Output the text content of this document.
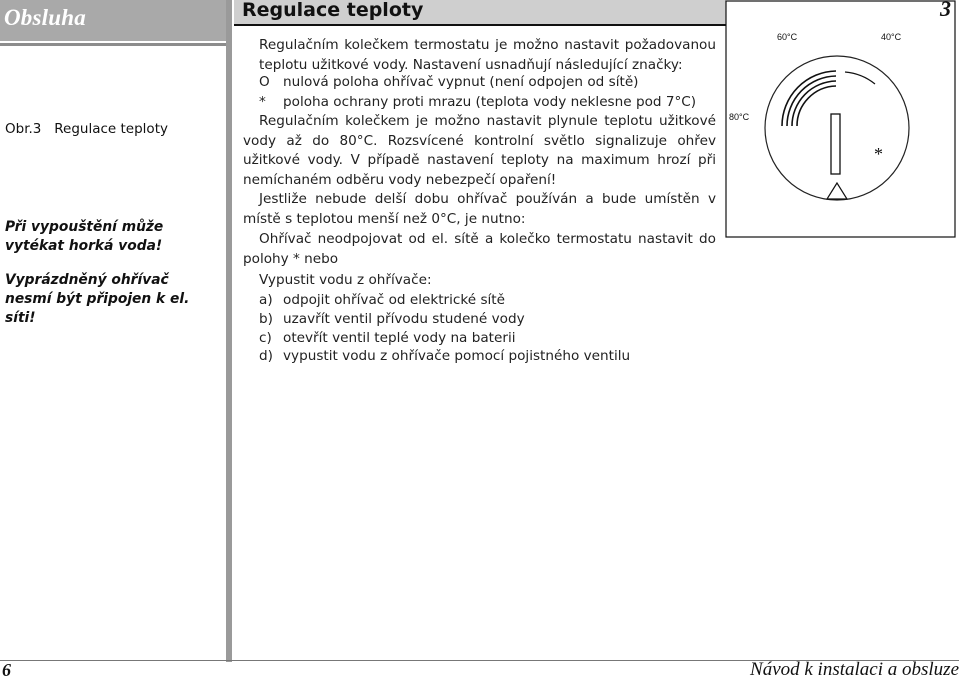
Obsluha
Obr.3 Regulace teploty
Při vypouštění může vytékat horká voda!
Vyprázdněný ohřívač nesmí být připojen k el. síti!
Regulace teploty
Regulačním kolečkem termostatu je možno nastavit požadovanou teplotu užitkové vody. Nastavení usnadňují následující značky:
O nulová poloha ohřívač vypnut (není odpojen od sítě)
* poloha ochrany proti mrazu (teplota vody neklesne pod 7°C)
Regulačním kolečkem je možno nastavit plynule teplotu užitkové vody až do 80°C. Rozsvícené kontrolní světlo signalizuje ohřev užitkové vody. V případě nastavení teploty na maximum hrozí při nemíchaném odběru vody nebezpečí opaření!
Jestliže nebude delší dobu ohřívač používán a bude umístěn v místě s teplotou menší než 0°C, je nutno:
Ohřívač neodpojovat od el. sítě a kolečko termostatu nastavit do polohy * nebo
Vypustit vodu z ohřívače:
a) odpojit ohřívač od elektrické sítě
b) uzavřít ventil přívodu studené vody
c) otevřít ventil teplé vody na baterii
d) vypustit vodu z ohřívače pomocí pojistného ventilu
60°C	40°C
80°C
*
3
6	Návod k instalaci a obsluze
